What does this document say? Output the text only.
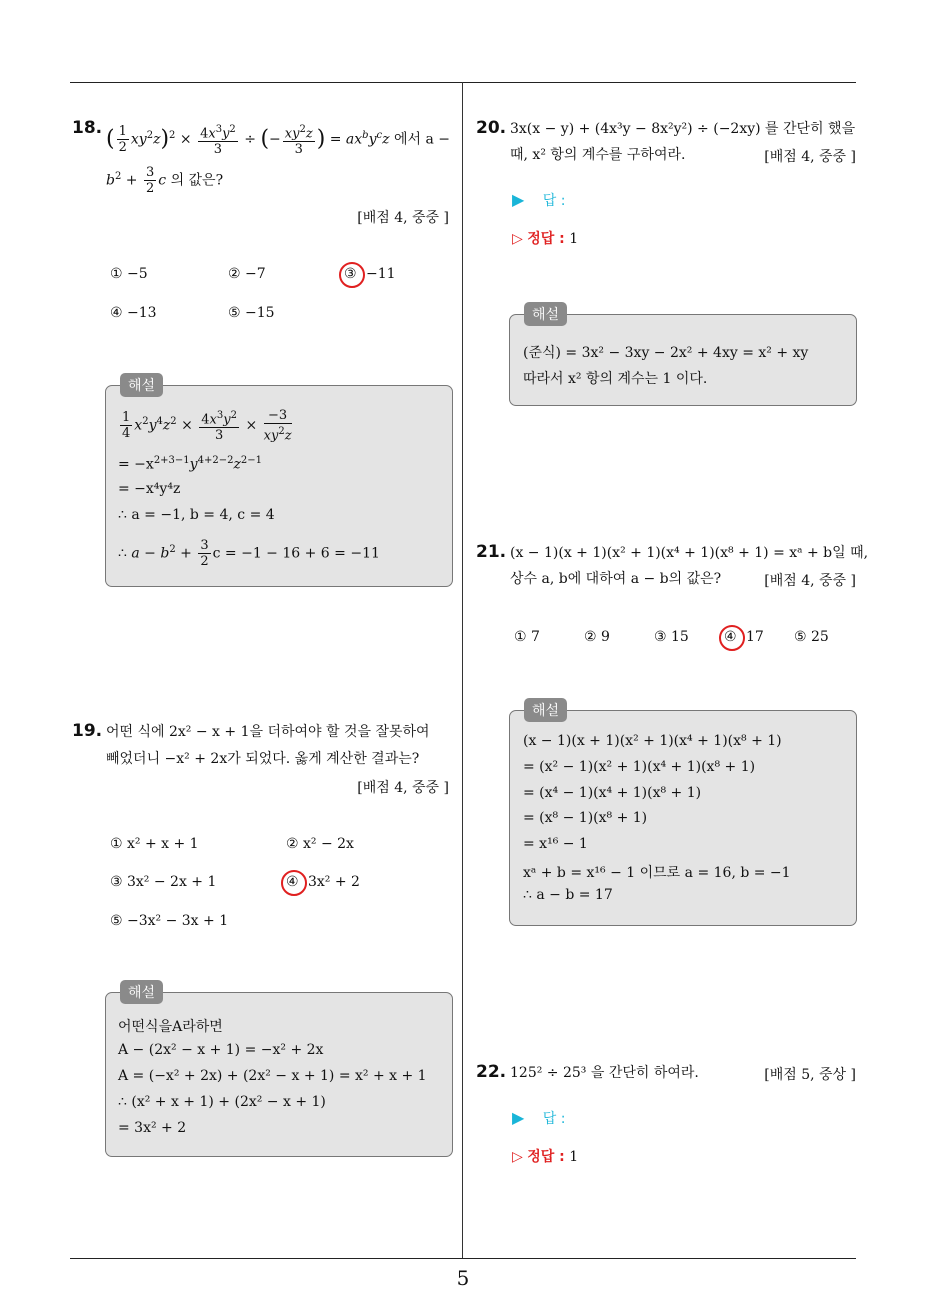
5
18. ( $\frac{1}{2} xy^2z)^2 \times \frac{4x^3y^2}{3}$ ÷ (− $\frac{xy^2z}{3}$ ) = $ax^by^cz$ 에서 a −
$b^2 + \frac{3}{2}$ c 의 값은?
[배점 4, 중중 ]
① −5	② −7	③ −11
④ −13	⑤ −15
해설
$\frac{1}{4} x^2y^4z^2 \times \frac{4x^3y^2}{3} \times \frac{-3}{xy^2z}$
= $-x^{2+3-1}y^{4+2-2}z^{2-1}$
= −x⁴y⁴z
∴ a = −1, b = 4, c = 4
∴ $a - b^2 + \frac{3}{2}$ c = −1 − 16 + 6 = −11
19. 어떤 식에 2x² − x + 1을 더하여야 할 것을 잘못하여
빼었더니 −x² + 2x가 되었다. 옳게 계산한 결과는?
[배점 4, 중중 ]
① x² + x + 1	② x² − 2x
③ 3x² − 2x + 1	④ 3x² + 2
⑤ −3x² − 3x + 1
해설
어떤식을A라하면
A − (2x² − x + 1) = −x² + 2x
A = (−x² + 2x) + (2x² − x + 1) = x² + x + 1
∴ (x² + x + 1) + (2x² − x + 1)
= 3x² + 2
20. 3x(x − y) + (4x³y − 8x²y²) ÷ (−2xy) 를 간단히 했을
때, x² 항의 계수를 구하여라.	[배점 4, 중중 ]
▶ 답 :
▷ 정답 : 1
해설
(준식) = 3x² − 3xy − 2x² + 4xy = x² + xy
따라서 x² 항의 계수는 1 이다.
21. (x − 1)(x + 1)(x² + 1)(x⁴ + 1)(x⁸ + 1) = xᵃ + b일 때,
상수 a, b에 대하여 a − b의 값은?	[배점 4, 중중 ]
① 7	② 9	③ 15	④ 17 ⑤ 25
해설
(x − 1)(x + 1)(x² + 1)(x⁴ + 1)(x⁸ + 1)
= (x² − 1)(x² + 1)(x⁴ + 1)(x⁸ + 1)
= (x⁴ − 1)(x⁴ + 1)(x⁸ + 1)
= (x⁸ − 1)(x⁸ + 1)
= x¹⁶ − 1
xᵃ + b = x¹⁶ − 1 이므로 a = 16, b = −1
∴ a − b = 17
22. 125² ÷ 25³ 을 간단히 하여라.	[배점 5, 중상 ]
▶ 답 :
▷ 정답 : 1
